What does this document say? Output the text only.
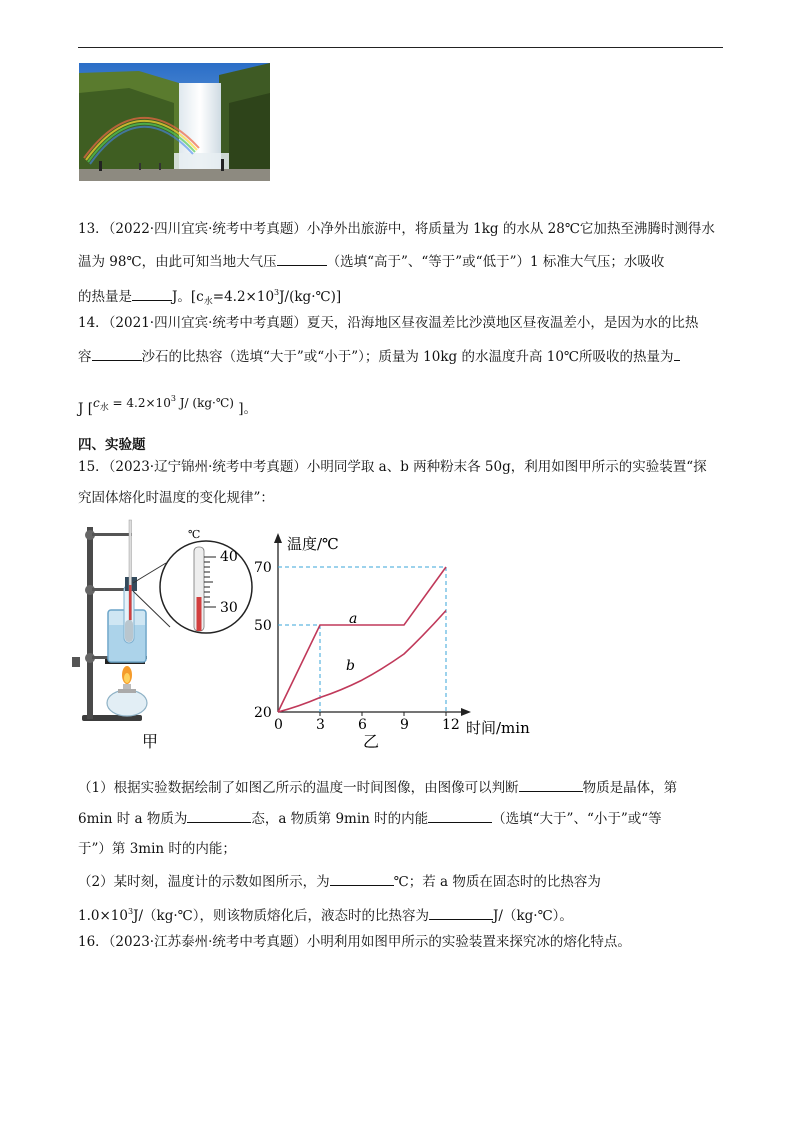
13．（2022·四川宜宾·统考中考真题）小净外出旅游中，将质量为 1kg 的水从 28℃它加热至沸腾时测得水
温为 98℃，由此可知当地大气压	（选填“高于”、“等于”或“低于”）1 标准大气压；水吸收
的热量是	J。$[c_水=4.2\times 10^3J/(kg\cdot℃)]$
14．（2021·四川宜宾·统考中考真题）夏天，沿海地区昼夜温差比沙漠地区昼夜温差小，是因为水的比热
容	沙石的比热容（选填“大于”或“小于”）；质量为 10kg 的水温度升高 10℃所吸收的热量为
J [$c_水 = 4.2\times 10^3$ J/ (kg·℃) ]。
四、实验题
15．（2023·辽宁锦州·统考中考真题）小明同学取 a、b 两种粉末各 50g，利用如图甲所示的实验装置“探
究固体熔化时温度的变化规律”：
℃
40
30
甲
温度/℃
时间/min
0 3 6 9 12
20
50
70
a
b
乙
（1）根据实验数据绘制了如图乙所示的温度一时间图像，由图像可以判断	物质是晶体，第
6min 时 a 物质为	态，a 物质第 9min 时的内能	（选填“大于”、“小于”或“等
于”）第 3min 时的内能；
（2）某时刻，温度计的示数如图所示，为	℃；若 a 物质在固态时的比热容为
$1.0\times 10^3J/(kg\cdot℃)$，则该物质熔化后，液态时的比热容为	J/（kg·℃）。
16．（2023·江苏泰州·统考中考真题）小明利用如图甲所示的实验装置来探究冰的熔化特点。
